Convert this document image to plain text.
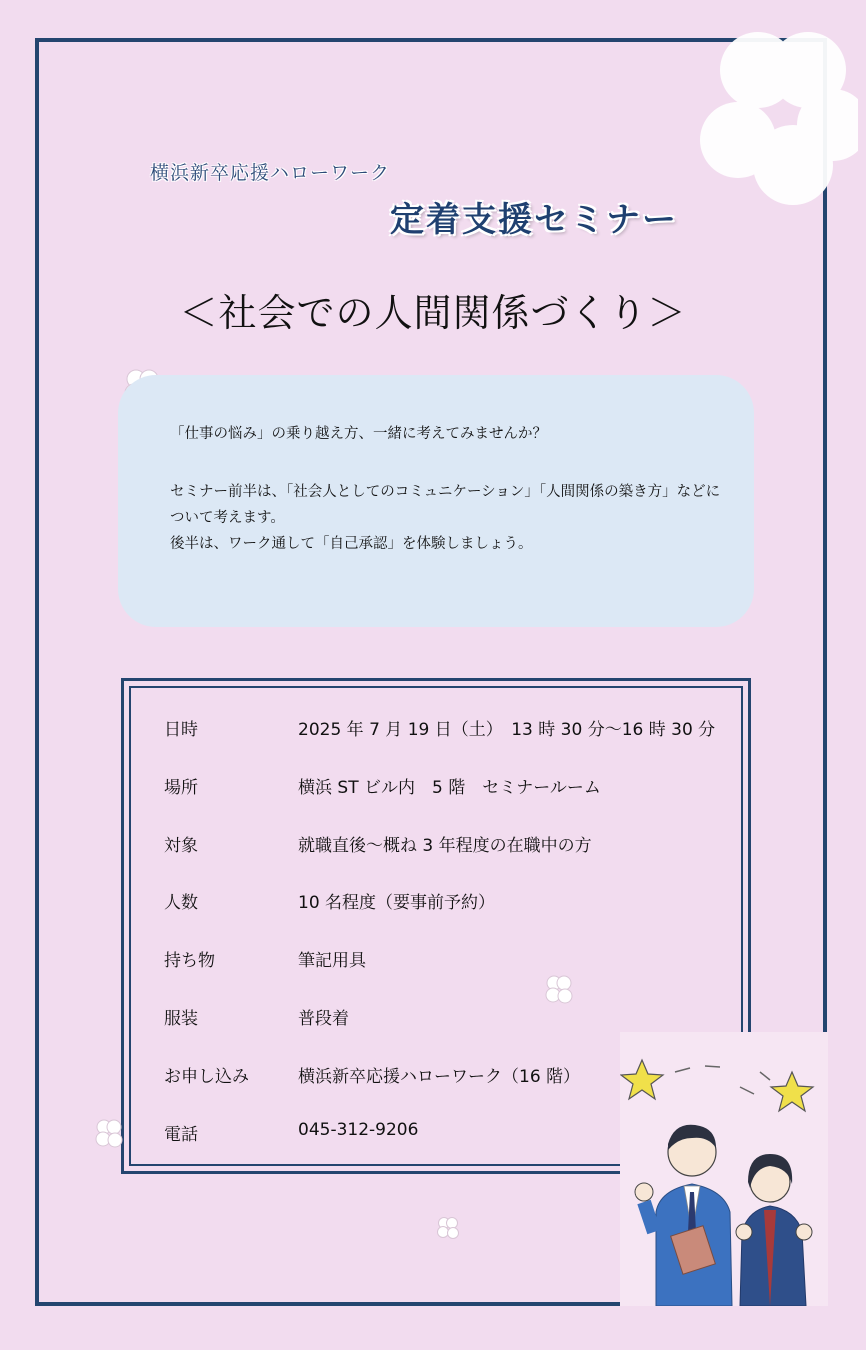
横浜新卒応援ハローワーク
定着支援セミナー
＜社会での人間関係づくり＞

「仕事の悩み」の乗り越え方、一緒に考えてみませんか？

セミナー前半は、「社会人としてのコミュニケーション」「人間関係の築き方」などに

ついて考えます。

後半は、ワーク通して「自己承認」を体験しましょう。

日時	2025 年 7 月 19 日（土）　13 時 30 分～16 時 30 分
場所	横浜 ST ビル内　5 階　セミナールーム
対象	就職直後～概ね 3 年程度の在職中の方
人数	10 名程度（要事前予約）
持ち物	筆記用具
服装	普段着
お申し込み	横浜新卒応援ハローワーク（16 階）
電話	045-312-9206
